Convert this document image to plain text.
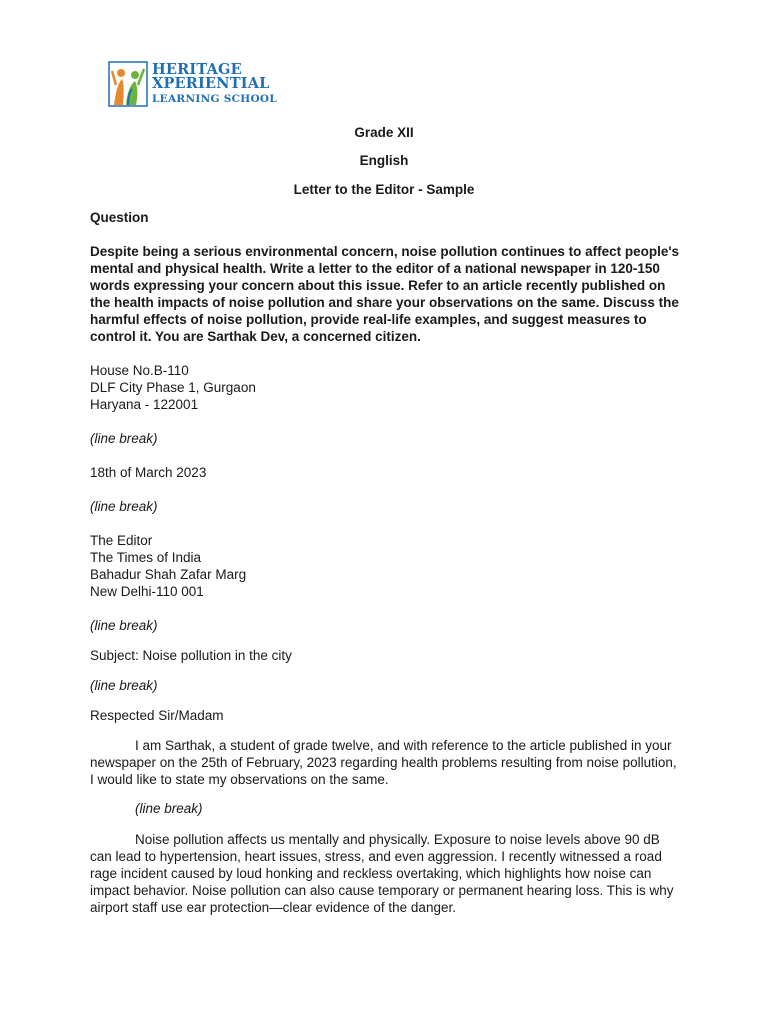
HERITAGE
XPERIENTIAL
LEARNING SCHOOL
Grade XII
English
Letter to the Editor - Sample
Question
Despite being a serious environmental concern, noise pollution continues to affect people's mental and physical health. Write a letter to the editor of a national newspaper in 120-150 words expressing your concern about this issue. Refer to an article recently published on the health impacts of noise pollution and share your observations on the same. Discuss the harmful effects of noise pollution, provide real-life examples, and suggest measures to control it. You are Sarthak Dev, a concerned citizen.
House No.B-110
DLF City Phase 1, Gurgaon
Haryana - 122001
(line break)
18th of March 2023
(line break)
The Editor
The Times of India
Bahadur Shah Zafar Marg
New Delhi-110 001
(line break)
Subject: Noise pollution in the city
(line break)
Respected Sir/Madam
I am Sarthak, a student of grade twelve, and with reference to the article published in your newspaper on the 25th of February, 2023 regarding health problems resulting from noise pollution, I would like to state my observations on the same.
(line break)
Noise pollution affects us mentally and physically. Exposure to noise levels above 90 dB can lead to hypertension, heart issues, stress, and even aggression. I recently witnessed a road rage incident caused by loud honking and reckless overtaking, which highlights how noise can impact behavior. Noise pollution can also cause temporary or permanent hearing loss. This is why airport staff use ear protection—clear evidence of the danger.
